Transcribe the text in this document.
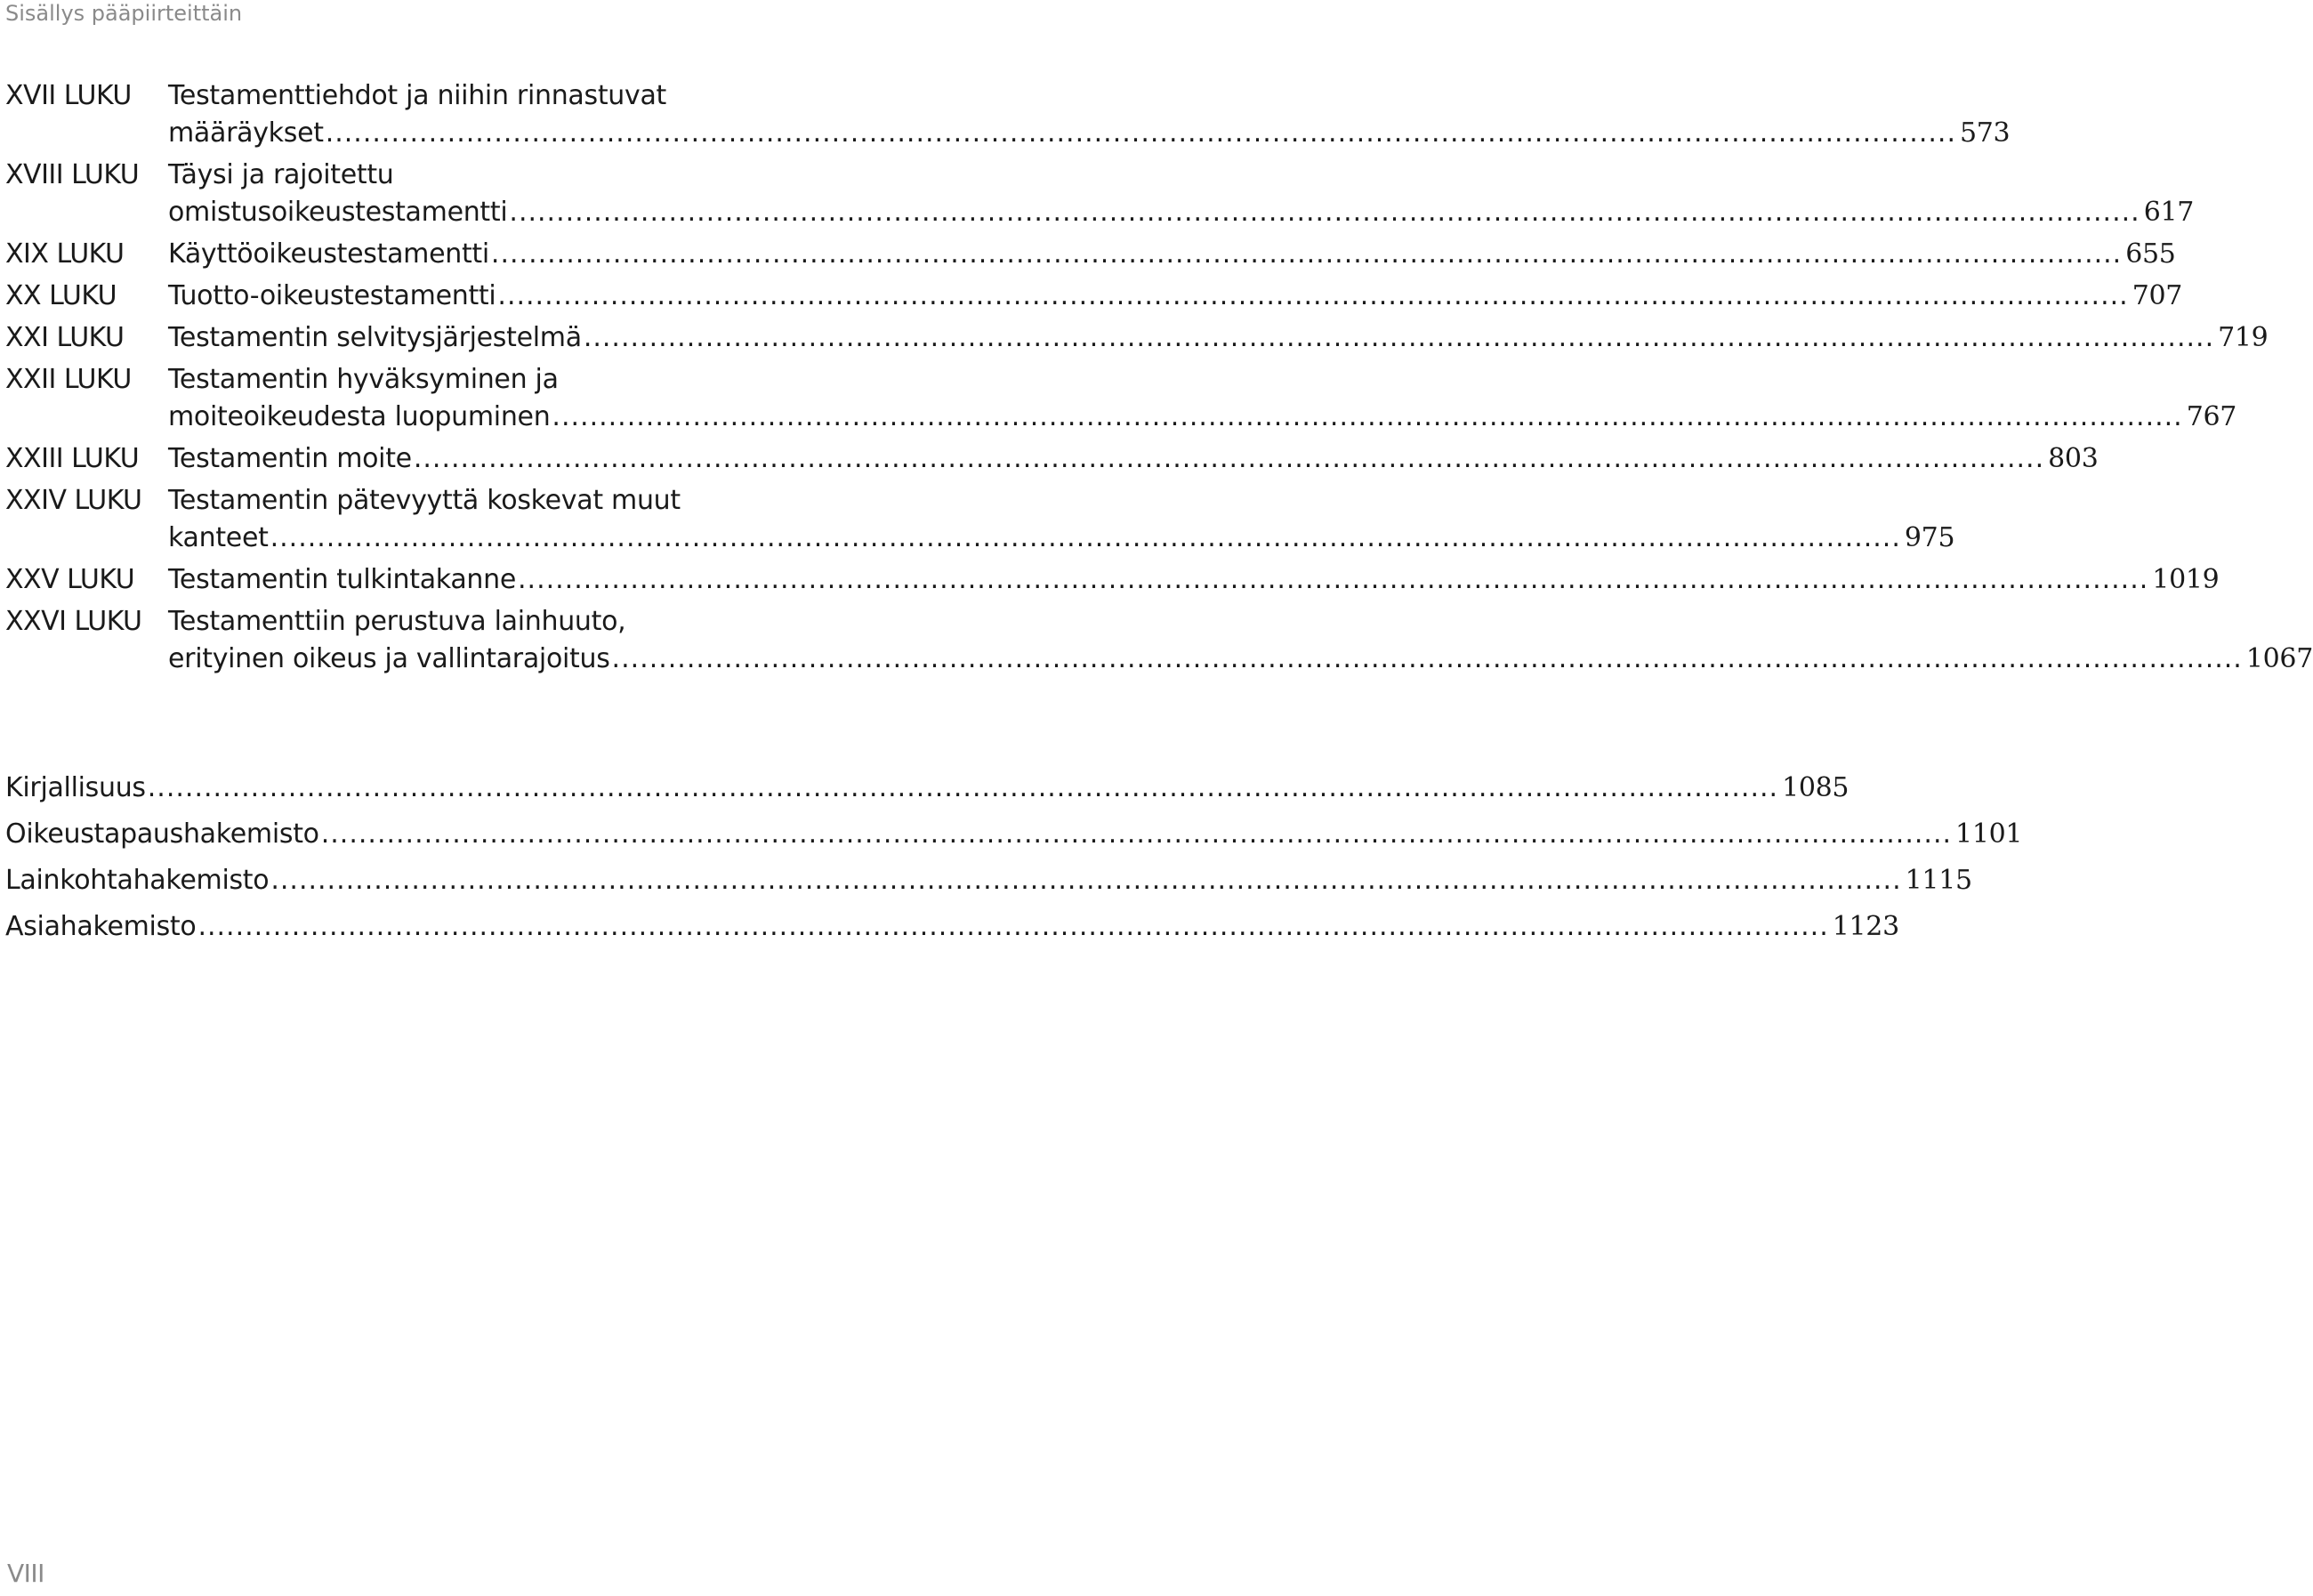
Sisällys pääpiirteittäin
XVII LUKU	Testamenttiehdot ja niihin rinnastuvat
määräykset .....	573
XVIII LUKU	Täysi ja rajoitettu
omistusoikeustestamentti .....	617
XIX LUKU	Käyttöoikeustestamentti .....	655
XX LUKU	Tuotto-oikeustestamentti .....	707
XXI LUKU	Testamentin selvitysjärjestelmä .....	719
XXII LUKU	Testamentin hyväksyminen ja
moiteoikeudesta luopuminen .....	767
XXIII LUKU	Testamentin moite .....	803
XXIV LUKU Testamentin pätevyyttä koskevat muut
kanteet .....	975
XXV LUKU	Testamentin tulkintakanne .....	1019
XXVI LUKU Testamenttiin perustuva lainhuuto,
erityinen oikeus ja vallintarajoitus .....	1067
Kirjallisuus .....	1085
Oikeustapaushakemisto .....	1101
Lainkohtahakemisto .....	1115
Asiahakemisto .....	1123
VIII
